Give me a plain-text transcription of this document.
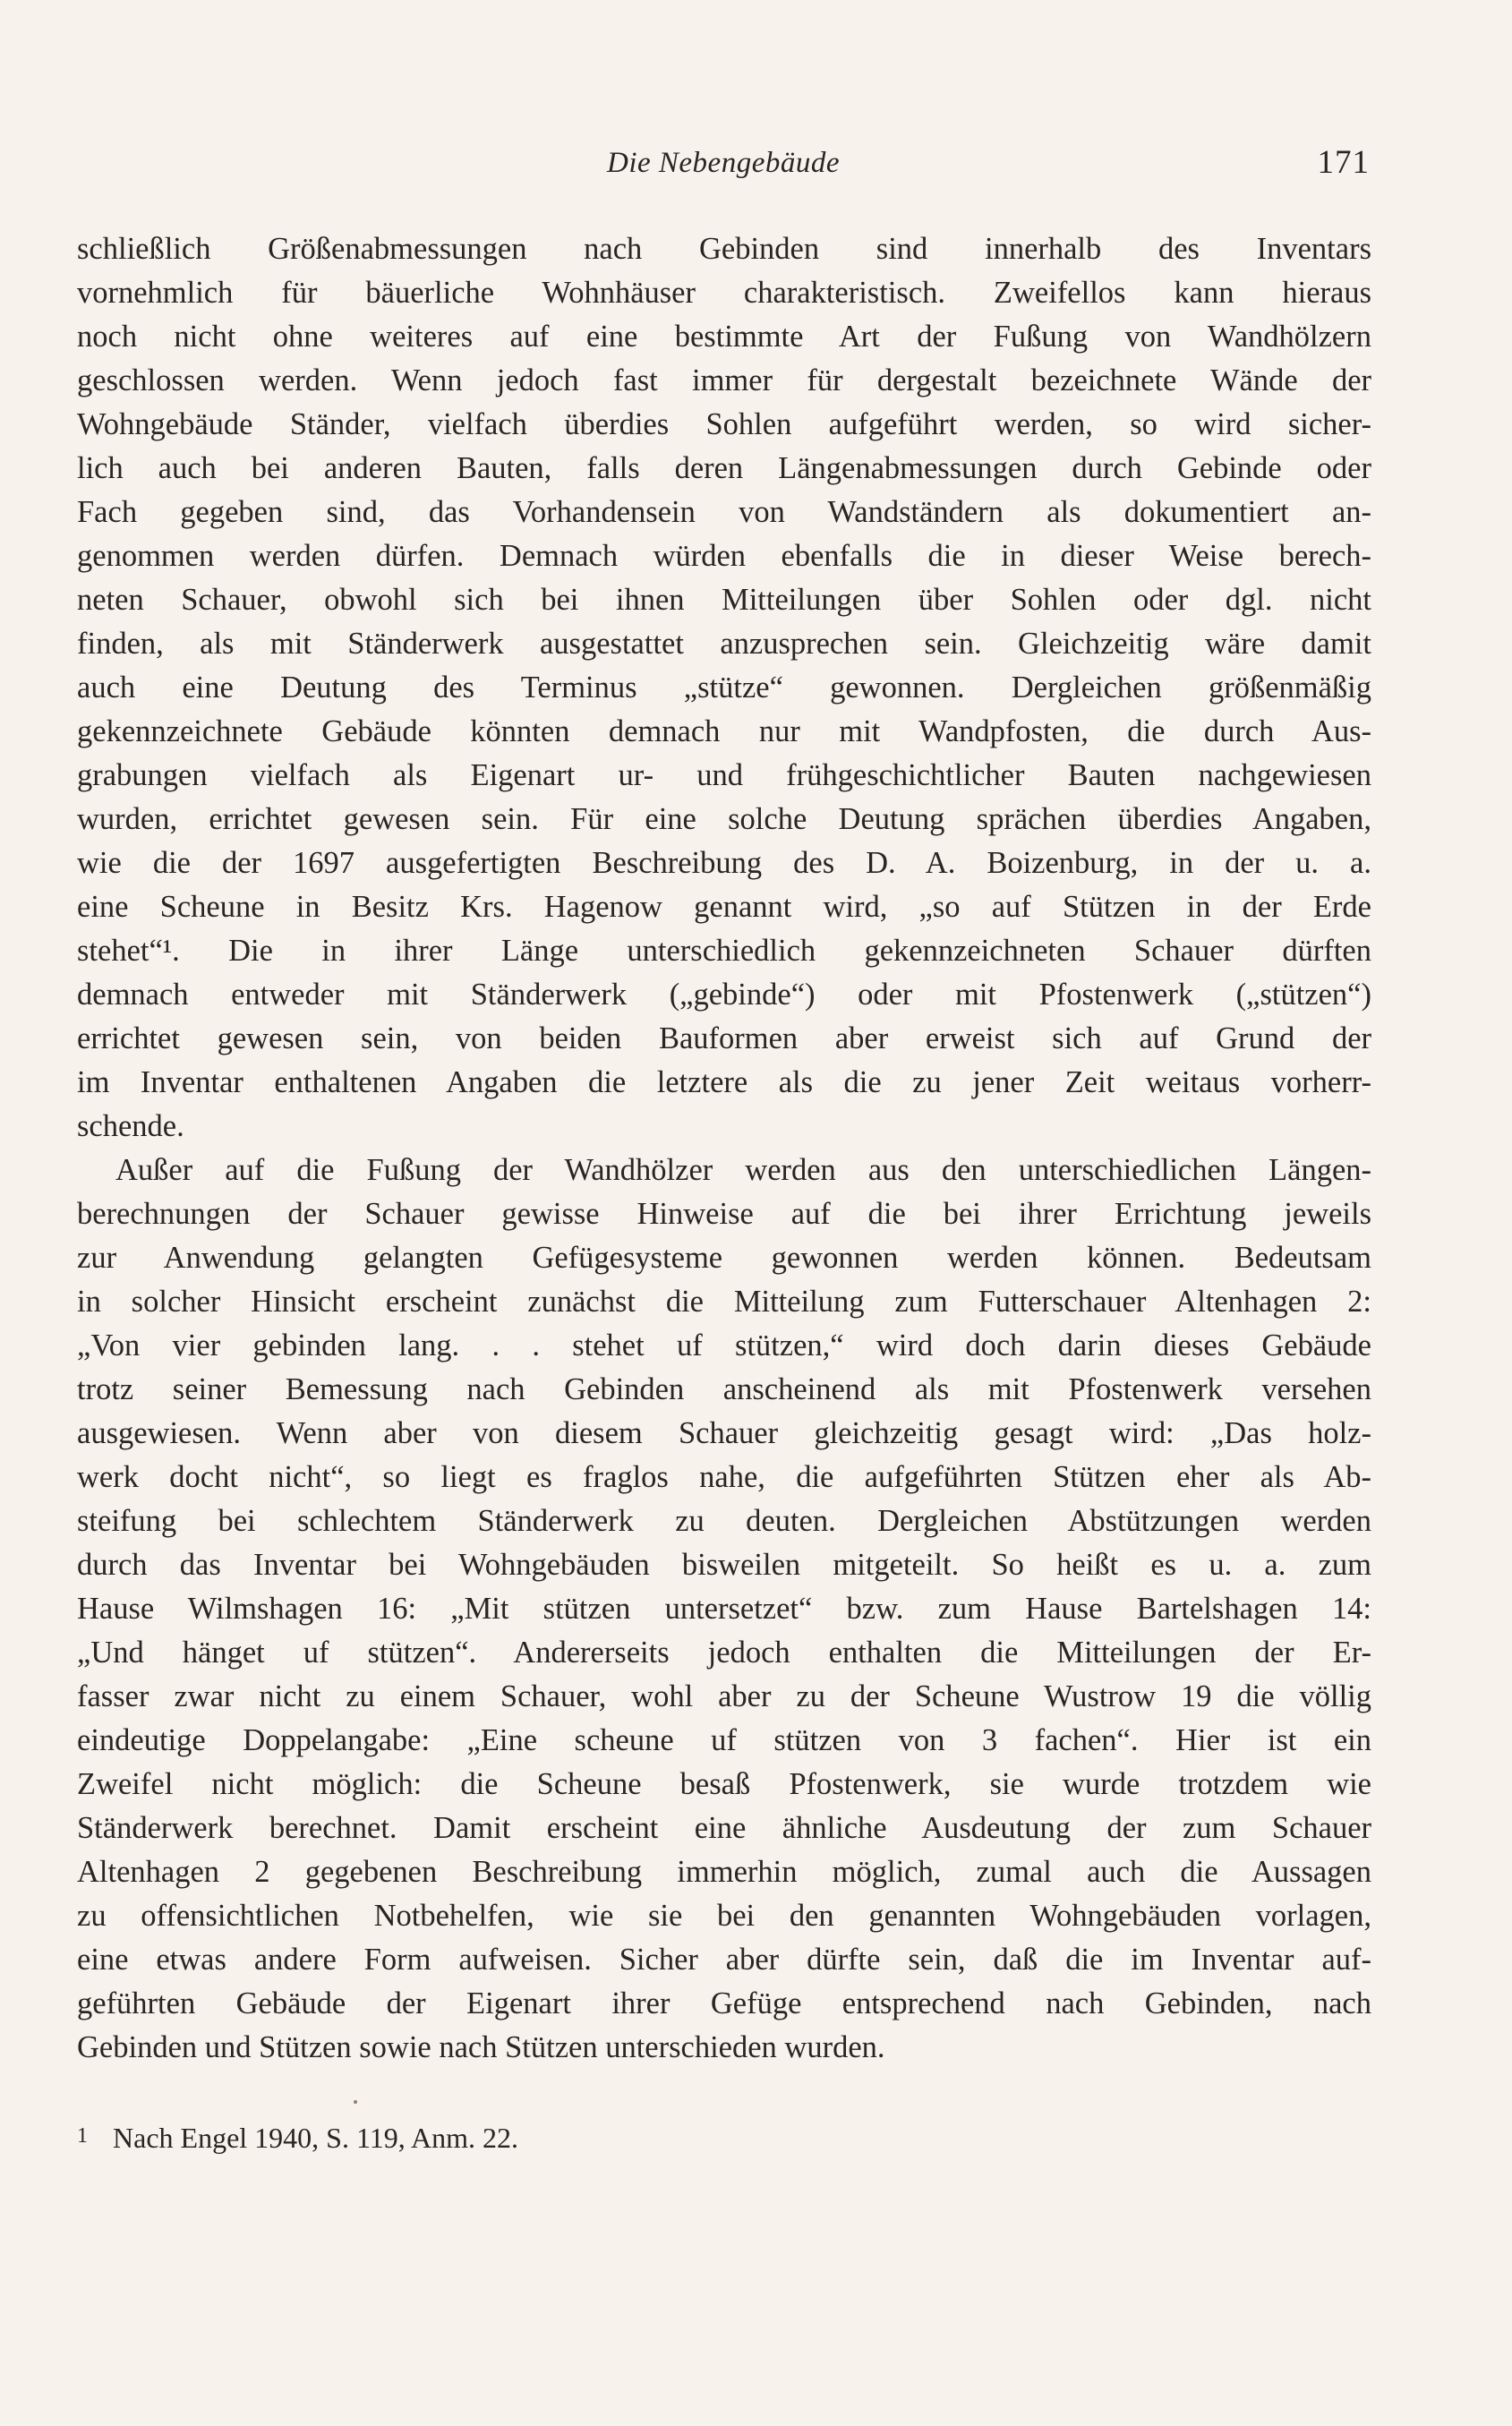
Die Nebengebäude	171
schließlich Größenabmessungen nach Gebinden sind innerhalb des Inventars
vornehmlich für bäuerliche Wohnhäuser charakteristisch. Zweifellos kann hieraus
noch nicht ohne weiteres auf eine bestimmte Art der Fußung von Wandhölzern
geschlossen werden. Wenn jedoch fast immer für dergestalt bezeichnete Wände der
Wohngebäude Ständer, vielfach überdies Sohlen aufgeführt werden, so wird sicher-
lich auch bei anderen Bauten, falls deren Längenabmessungen durch Gebinde oder
Fach gegeben sind, das Vorhandensein von Wandständern als dokumentiert an-
genommen werden dürfen. Demnach würden ebenfalls die in dieser Weise berech-
neten Schauer, obwohl sich bei ihnen Mitteilungen über Sohlen oder dgl. nicht
finden, als mit Ständerwerk ausgestattet anzusprechen sein. Gleichzeitig wäre damit
auch eine Deutung des Terminus „stütze“ gewonnen. Dergleichen größenmäßig
gekennzeichnete Gebäude könnten demnach nur mit Wandpfosten, die durch Aus-
grabungen vielfach als Eigenart ur- und frühgeschichtlicher Bauten nachgewiesen
wurden, errichtet gewesen sein. Für eine solche Deutung sprächen überdies Angaben,
wie die der 1697 ausgefertigten Beschreibung des D. A. Boizenburg, in der u. a.
eine Scheune in Besitz Krs. Hagenow genannt wird, „so auf Stützen in der Erde
stehet“¹. Die in ihrer Länge unterschiedlich gekennzeichneten Schauer dürften
demnach entweder mit Ständerwerk („gebinde“) oder mit Pfostenwerk („stützen“)
errichtet gewesen sein, von beiden Bauformen aber erweist sich auf Grund der
im Inventar enthaltenen Angaben die letztere als die zu jener Zeit weitaus vorherr-
schende.
Außer auf die Fußung der Wandhölzer werden aus den unterschiedlichen Längen-
berechnungen der Schauer gewisse Hinweise auf die bei ihrer Errichtung jeweils
zur Anwendung gelangten Gefügesysteme gewonnen werden können. Bedeutsam
in solcher Hinsicht erscheint zunächst die Mitteilung zum Futterschauer Altenhagen 2:
„Von vier gebinden lang. . . stehet uf stützen,“ wird doch darin dieses Gebäude
trotz seiner Bemessung nach Gebinden anscheinend als mit Pfostenwerk versehen
ausgewiesen. Wenn aber von diesem Schauer gleichzeitig gesagt wird: „Das holz-
werk docht nicht“, so liegt es fraglos nahe, die aufgeführten Stützen eher als Ab-
steifung bei schlechtem Ständerwerk zu deuten. Dergleichen Abstützungen werden
durch das Inventar bei Wohngebäuden bisweilen mitgeteilt. So heißt es u. a. zum
Hause Wilmshagen 16: „Mit stützen untersetzet“ bzw. zum Hause Bartelshagen 14:
„Und hänget uf stützen“. Andererseits jedoch enthalten die Mitteilungen der Er-
fasser zwar nicht zu einem Schauer, wohl aber zu der Scheune Wustrow 19 die völlig
eindeutige Doppelangabe: „Eine scheune uf stützen von 3 fachen“. Hier ist ein
Zweifel nicht möglich: die Scheune besaß Pfostenwerk, sie wurde trotzdem wie
Ständerwerk berechnet. Damit erscheint eine ähnliche Ausdeutung der zum Schauer
Altenhagen 2 gegebenen Beschreibung immerhin möglich, zumal auch die Aussagen
zu offensichtlichen Notbehelfen, wie sie bei den genannten Wohngebäuden vorlagen,
eine etwas andere Form aufweisen. Sicher aber dürfte sein, daß die im Inventar auf-
geführten Gebäude der Eigenart ihrer Gefüge entsprechend nach Gebinden, nach
Gebinden und Stützen sowie nach Stützen unterschieden wurden.
1 Nach Engel 1940, S. 119, Anm. 22.
